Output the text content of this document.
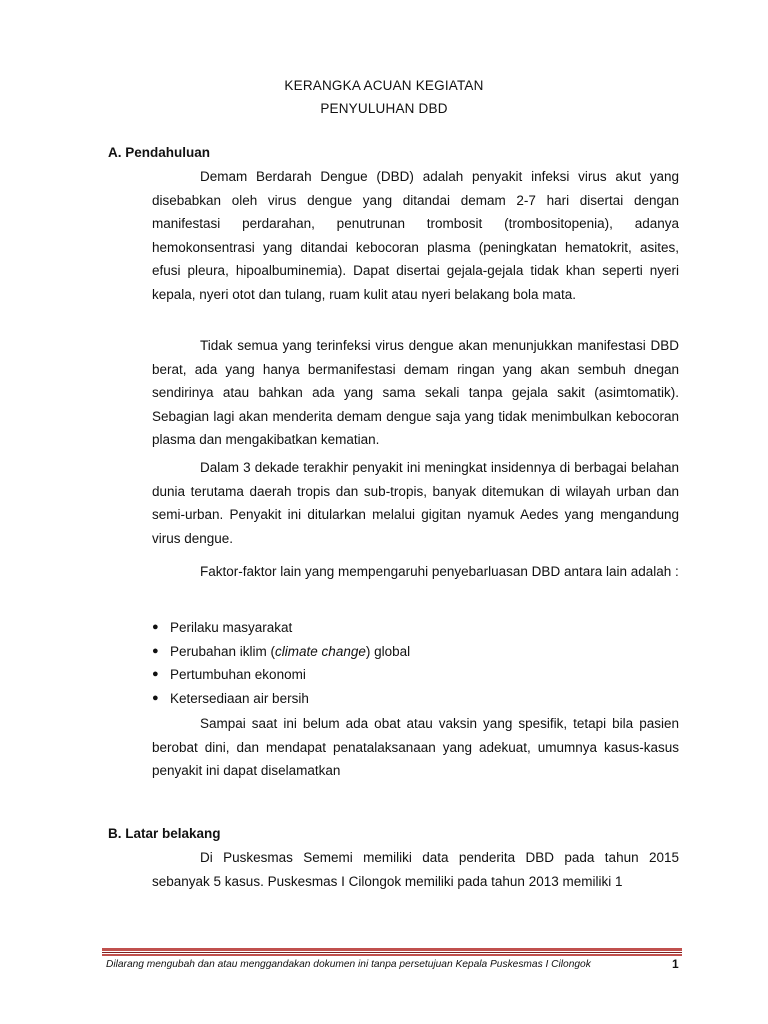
KERANGKA ACUAN KEGIATAN
PENYULUHAN DBD
A. Pendahuluan
Demam Berdarah Dengue (DBD) adalah penyakit infeksi virus akut yang disebabkan oleh virus dengue yang ditandai demam 2-7 hari disertai dengan manifestasi perdarahan, penutrunan trombosit (trombositopenia), adanya hemokonsentrasi yang ditandai kebocoran plasma (peningkatan hematokrit, asites, efusi pleura, hipoalbuminemia). Dapat disertai gejala-gejala tidak khan seperti nyeri kepala, nyeri otot dan tulang, ruam kulit atau nyeri belakang bola mata.
Tidak semua yang terinfeksi virus dengue akan menunjukkan manifestasi DBD berat, ada yang hanya bermanifestasi demam ringan yang akan sembuh dnegan sendirinya atau bahkan ada yang sama sekali tanpa gejala sakit (asimtomatik). Sebagian lagi akan menderita demam dengue saja yang tidak menimbulkan kebocoran plasma dan mengakibatkan kematian.
Dalam 3 dekade terakhir penyakit ini meningkat insidennya di berbagai belahan dunia terutama daerah tropis dan sub-tropis, banyak ditemukan di wilayah urban dan semi-urban. Penyakit ini ditularkan melalui gigitan nyamuk Aedes yang mengandung virus dengue.
Faktor-faktor lain yang mempengaruhi penyebarluasan DBD antara lain adalah :
● Perilaku masyarakat
● Perubahan iklim (climate change) global
● Pertumbuhan ekonomi
● Ketersediaan air bersih
Sampai saat ini belum ada obat atau vaksin yang spesifik, tetapi bila pasien berobat dini, dan mendapat penatalaksanaan yang adekuat, umumnya kasus-kasus penyakit ini dapat diselamatkan
B. Latar belakang
Di Puskesmas Sememi memiliki data penderita DBD pada tahun 2015 sebanyak 5 kasus. Puskesmas I Cilongok memiliki pada tahun 2013 memiliki 1
Dilarang mengubah dan atau menggandakan dokumen ini tanpa persetujuan Kepala Puskesmas I Cilongok	1
